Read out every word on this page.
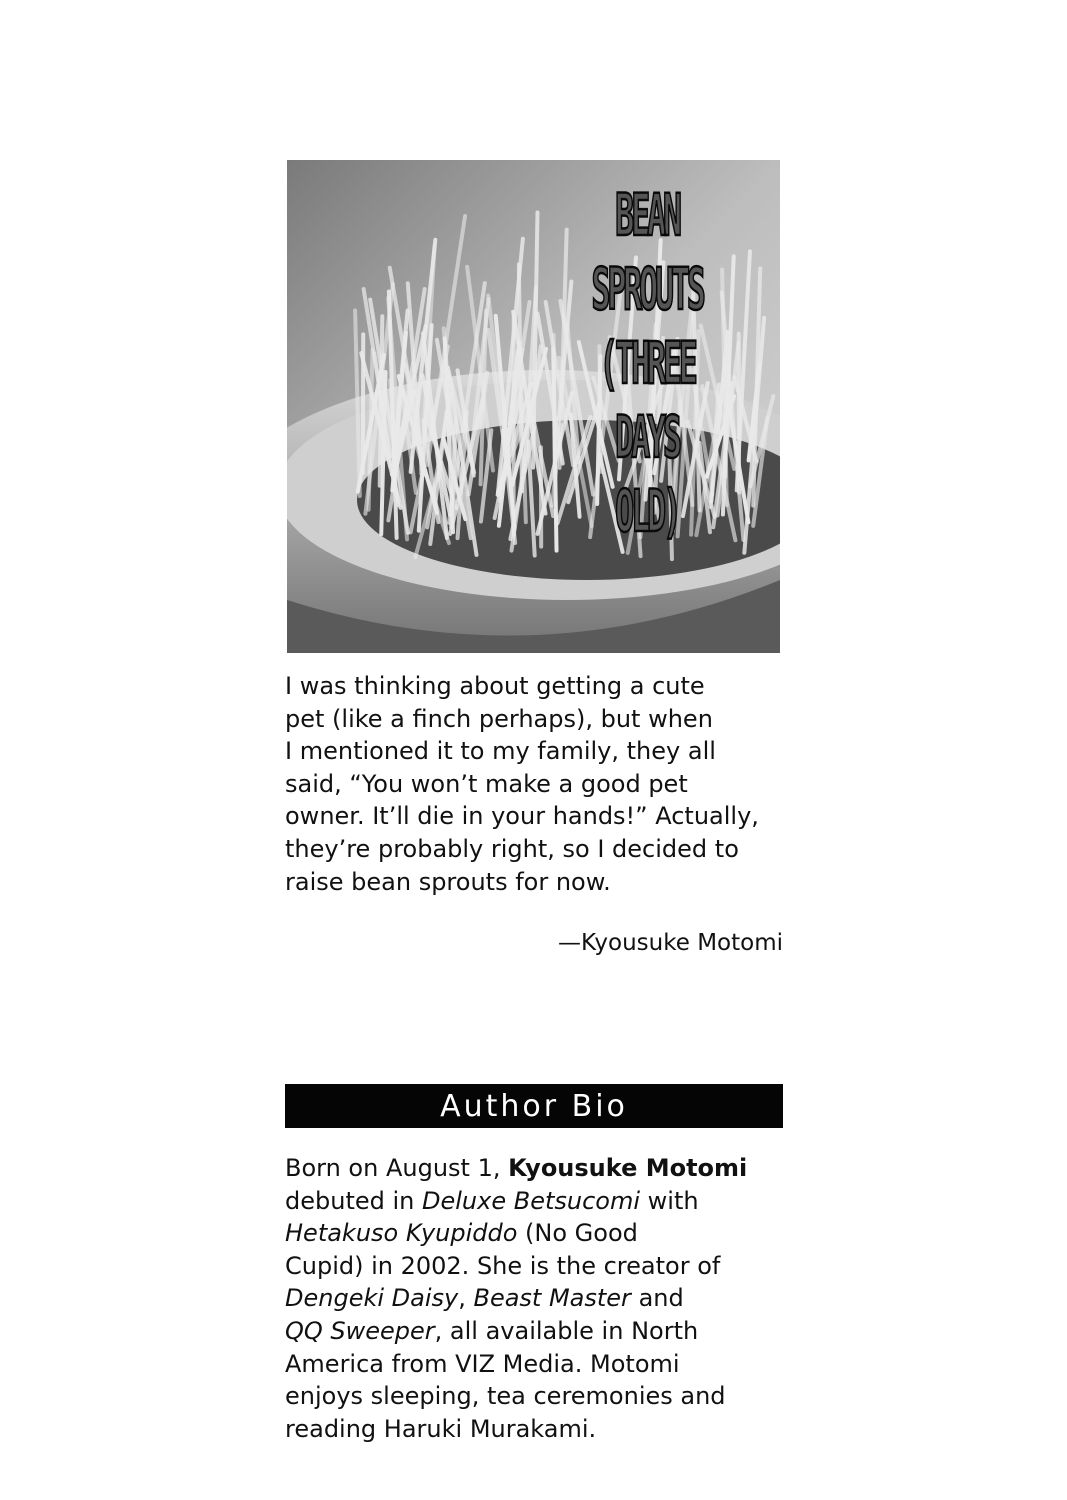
BEAN
SPROUTS
(THREE
DAYS
OLD)
I was thinking about getting a cute
pet (like a finch perhaps), but when
I mentioned it to my family, they all
said, “You won’t make a good pet
owner. It’ll die in your hands!” Actually,
they’re probably right, so I decided to
raise bean sprouts for now.

—Kyousuke Motomi

Author Bio
Born on August 1, Kyousuke Motomi
debuted in Deluxe Betsucomi with
Hetakuso Kyupiddo (No Good
Cupid) in 2002. She is the creator of
Dengeki Daisy, Beast Master and
QQ Sweeper, all available in North
America from VIZ Media. Motomi
enjoys sleeping, tea ceremonies and
reading Haruki Murakami.
